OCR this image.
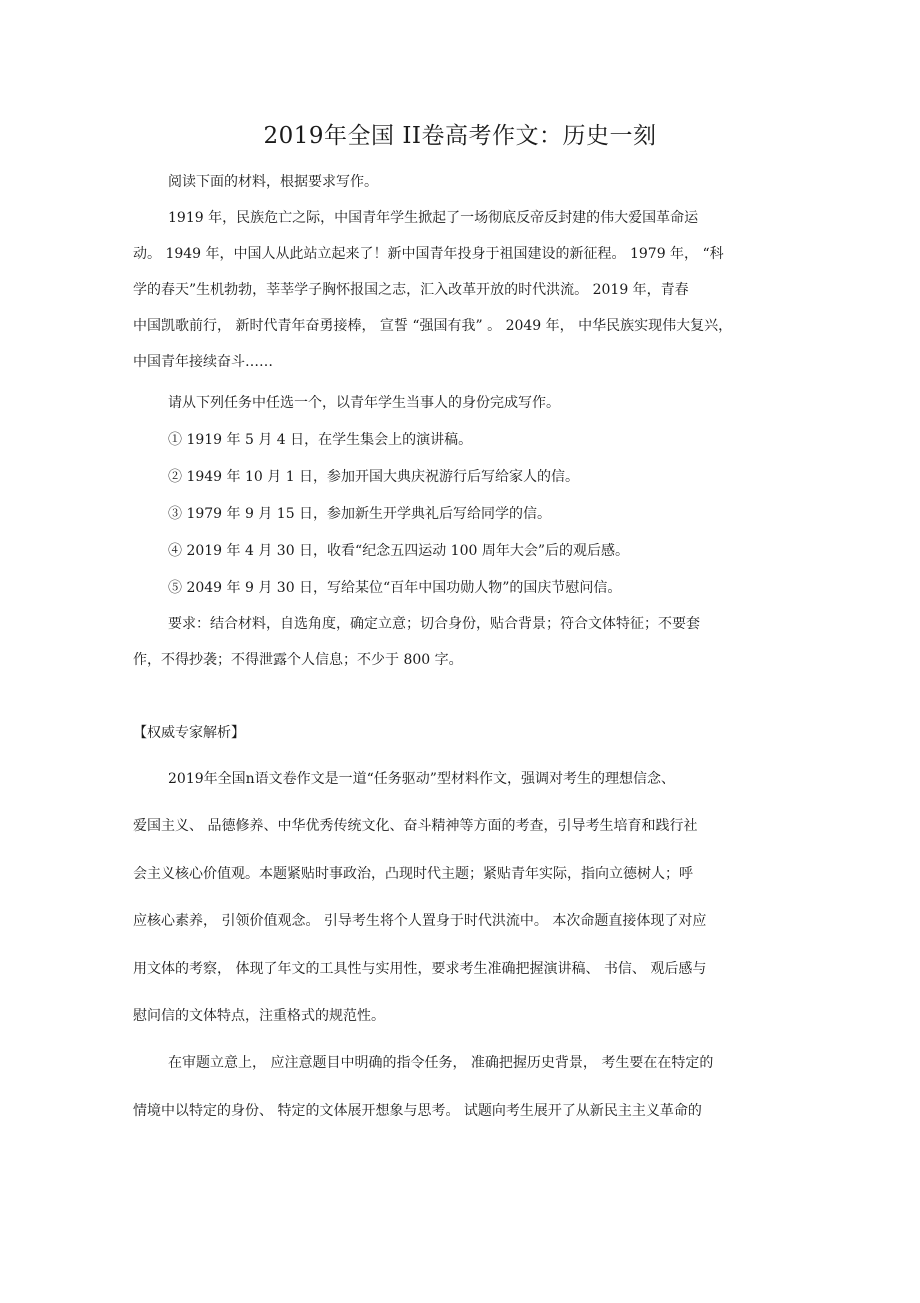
2019年全国 II卷高考作文：历史一刻
阅读下面的材料，根据要求写作。
1919 年，民族危亡之际，中国青年学生掀起了一场彻底反帝反封建的伟大爱国革命运
动。 1949 年，中国人从此站立起来了！新中国青年投身于祖国建设的新征程。 1979 年， “科
学的春天”生机勃勃，莘莘学子胸怀报国之志，汇入改革开放的时代洪流。 2019 年，青春
中国凯歌前行， 新时代青年奋勇接棒， 宣誓 “强国有我” 。 2049 年， 中华民族实现伟大复兴，
中国青年接续奋斗……
请从下列任务中任选一个，以青年学生当事人的身份完成写作。
① 1919 年 5 月 4 日，在学生集会上的演讲稿。
② 1949 年 10 月 1 日，参加开国大典庆祝游行后写给家人的信。
③ 1979 年 9 月 15 日，参加新生开学典礼后写给同学的信。
④ 2019 年 4 月 30 日，收看“纪念五四运动 100 周年大会”后的观后感。
⑤ 2049 年 9 月 30 日，写给某位“百年中国功勋人物”的国庆节慰问信。
要求：结合材料，自选角度，确定立意；切合身份，贴合背景；符合文体特征；不要套
作，不得抄袭；不得泄露个人信息；不少于 800 字。
【权威专家解析】
2019年全国n语文卷作文是一道“任务驱动”型材料作文，强调对考生的理想信念、
爱国主义、 品德修养、中华优秀传统文化、奋斗精神等方面的考查，引导考生培育和践行社
会主义核心价值观。本题紧贴时事政治，凸现时代主题；紧贴青年实际，指向立德树人；呼
应核心素养， 引领价值观念。 引导考生将个人置身于时代洪流中。 本次命题直接体现了对应
用文体的考察， 体现了年文的工具性与实用性，要求考生准确把握演讲稿、 书信、 观后感与
慰问信的文体特点，注重格式的规范性。
在审题立意上， 应注意题目中明确的指令任务， 准确把握历史背景， 考生要在在特定的
情境中以特定的身份、 特定的文体展开想象与思考。 试题向考生展开了从新民主主义革命的
